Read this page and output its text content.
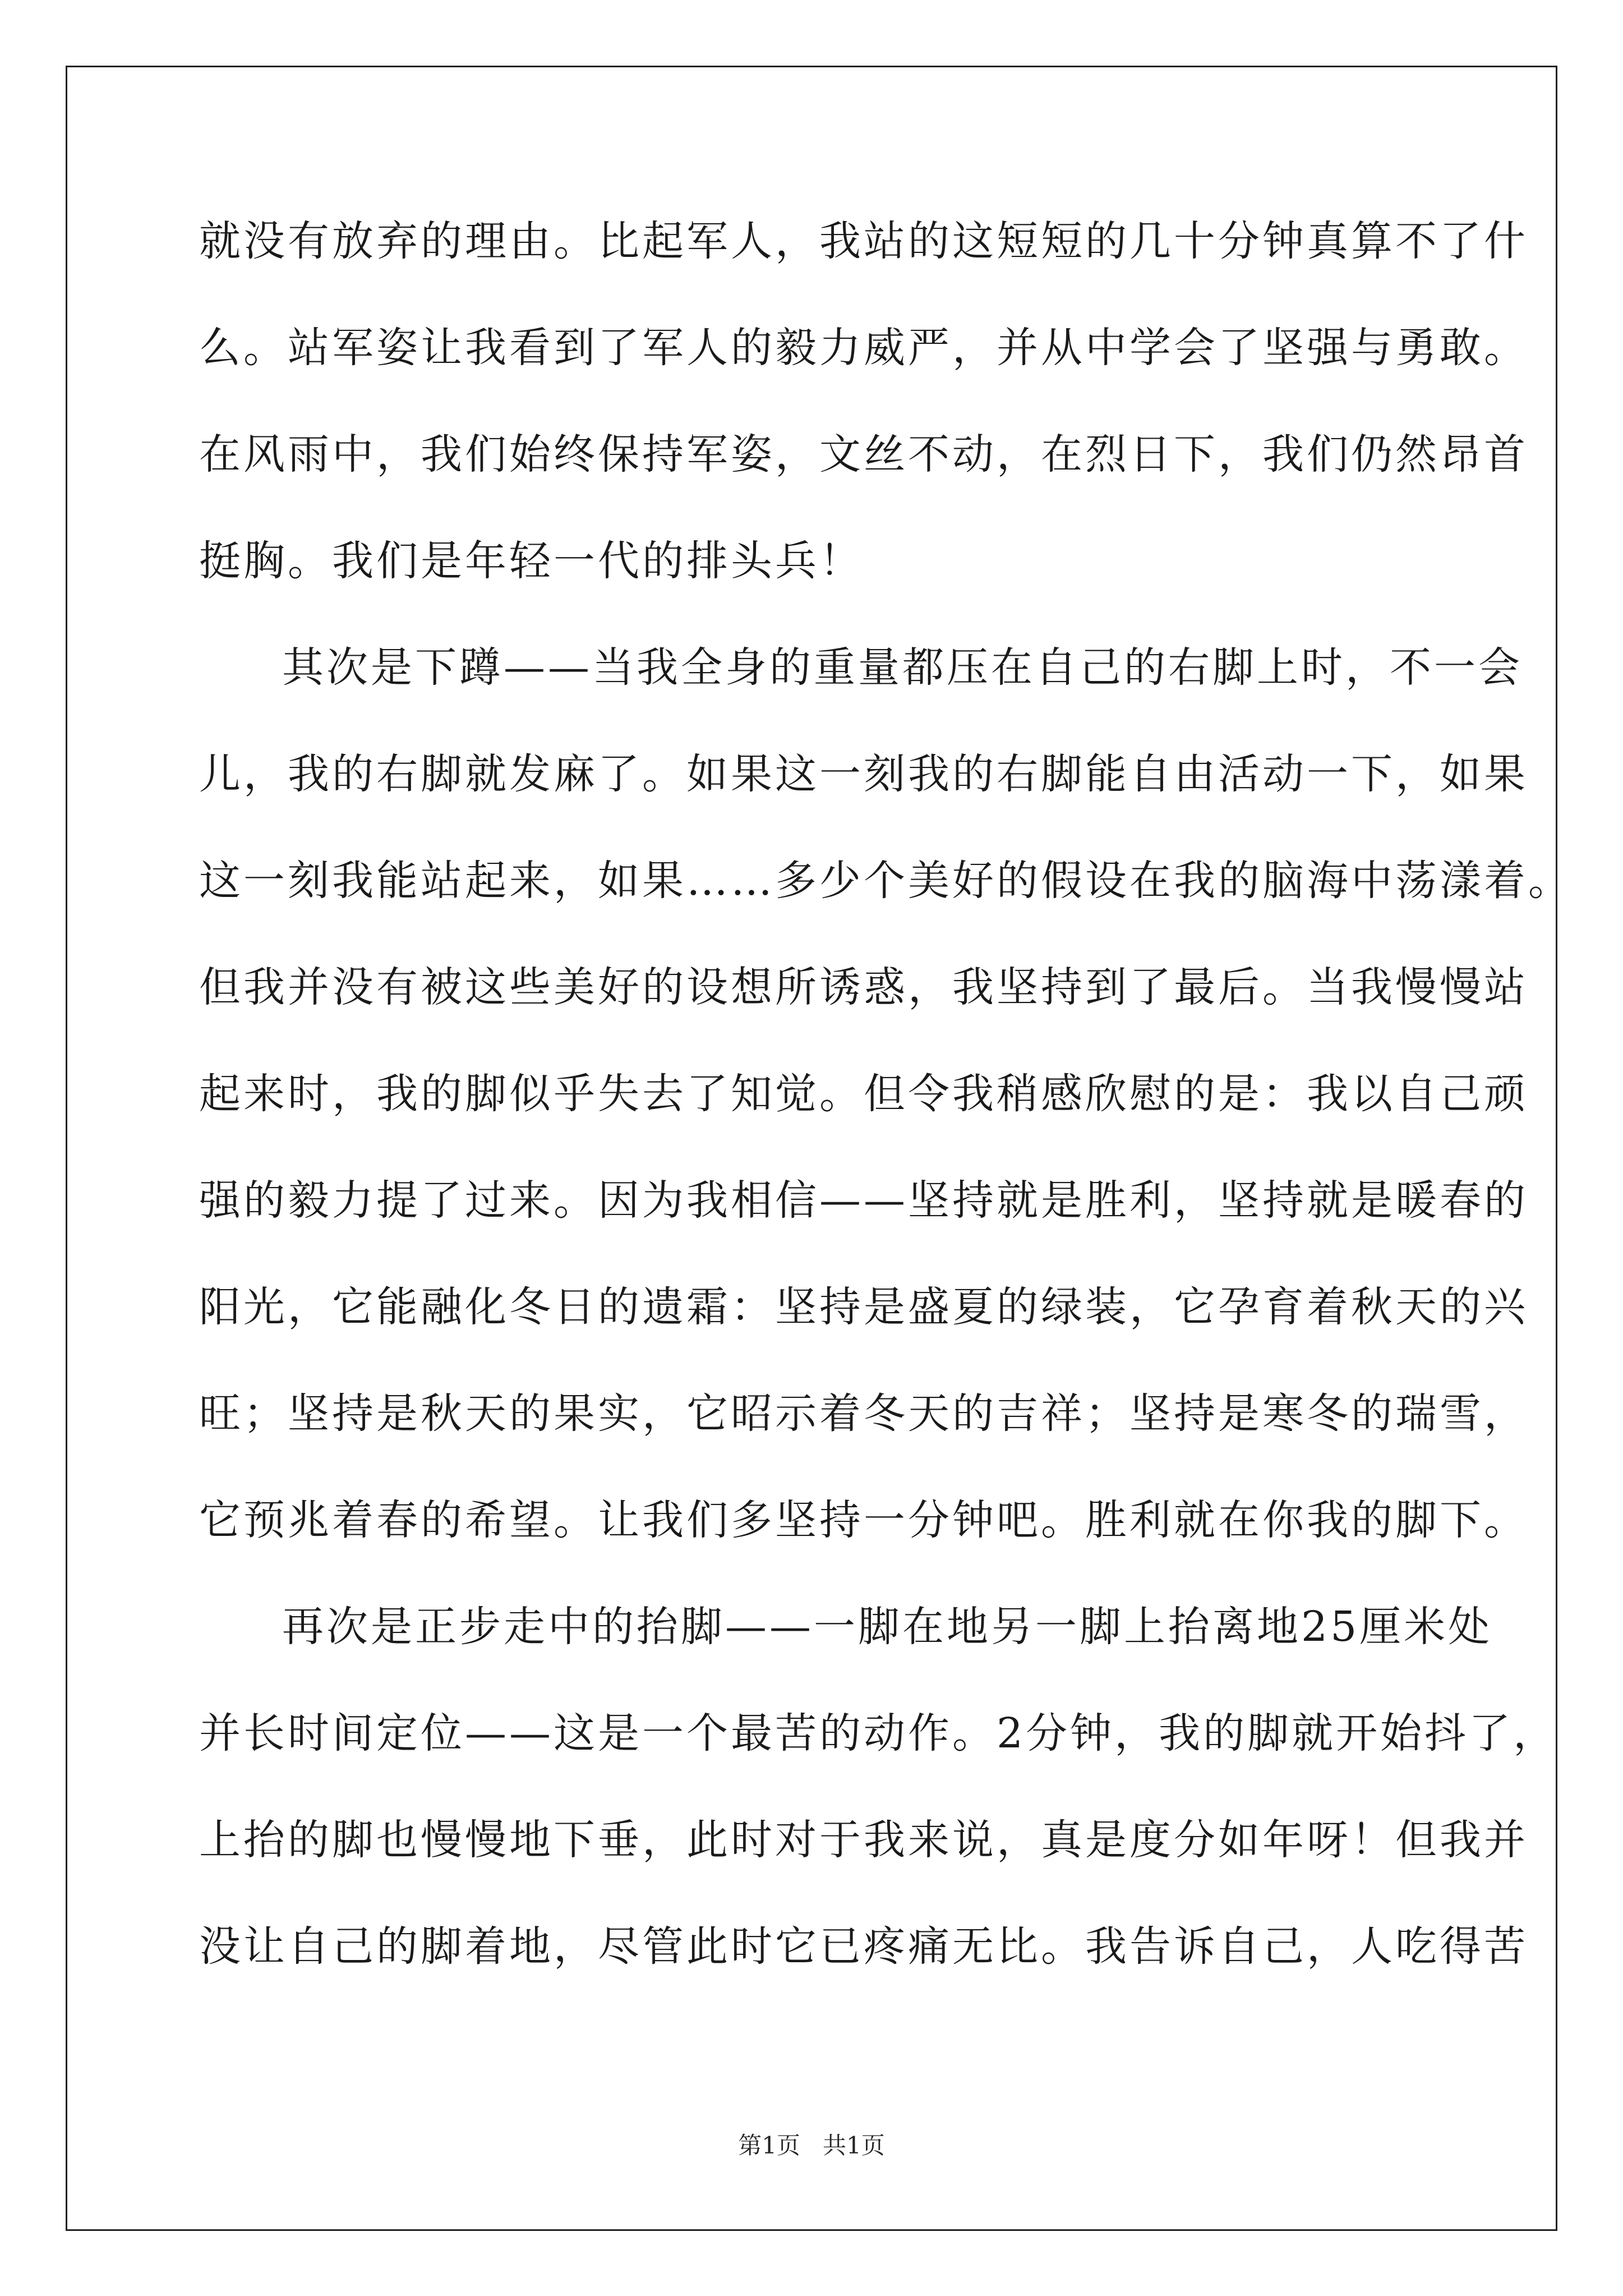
就没有放弃的理由。比起军人，我站的这短短的几十分钟真算不了什
么。站军姿让我看到了军人的毅力威严，并从中学会了坚强与勇敢。
在风雨中，我们始终保持军姿，文丝不动，在烈日下，我们仍然昂首
挺胸。我们是年轻一代的排头兵！
其次是下蹲——当我全身的重量都压在自己的右脚上时，不一会
儿，我的右脚就发麻了。如果这一刻我的右脚能自由活动一下，如果
这一刻我能站起来，如果……多少个美好的假设在我的脑海中荡漾着。
但我并没有被这些美好的设想所诱惑，我坚持到了最后。当我慢慢站
起来时，我的脚似乎失去了知觉。但令我稍感欣慰的是：我以自己顽
强的毅力提了过来。因为我相信——坚持就是胜利，坚持就是暖春的
阳光，它能融化冬日的遗霜：坚持是盛夏的绿装，它孕育着秋天的兴
旺；坚持是秋天的果实，它昭示着冬天的吉祥；坚持是寒冬的瑞雪，
它预兆着春的希望。让我们多坚持一分钟吧。胜利就在你我的脚下。
再次是正步走中的抬脚——一脚在地另一脚上抬离地25厘米处
并长时间定位——这是一个最苦的动作。2分钟，我的脚就开始抖了，
上抬的脚也慢慢地下垂，此时对于我来说，真是度分如年呀！但我并
没让自己的脚着地，尽管此时它已疼痛无比。我告诉自己，人吃得苦
第1页 共1页
